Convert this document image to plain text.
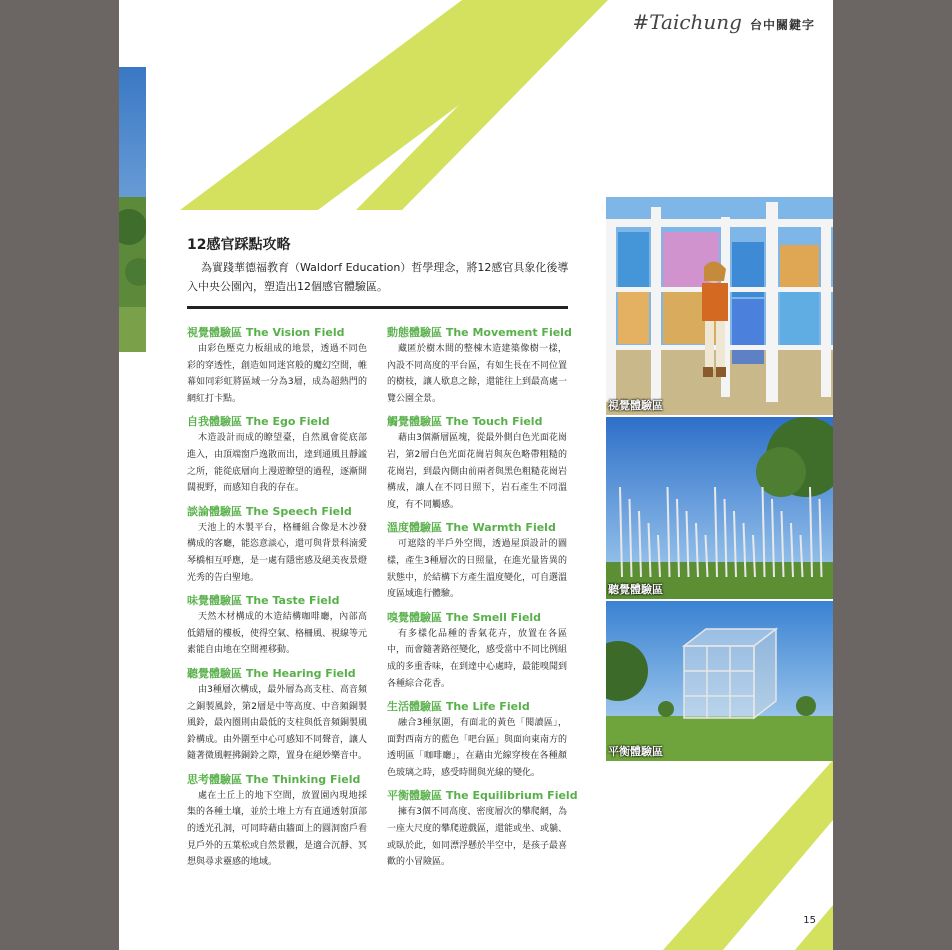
#Taichung 台中關鍵字
12感官踩點攻略

為實踐華德福教育（Waldorf Education）哲學理念，將12感官具象化後導入中央公園內，塑造出12個感官體驗區。

視覺體驗區 The Vision Field

由彩色壓克力板組成的地景，透過不同色彩的穿透性，創造如同迷宮般的魔幻空間，帷幕如同彩虹將區域一分為3層，成為超熱門的網紅打卡點。

自我體驗區 The Ego Field

木造設計而成的瞭望臺，自然風會從底部進入，由頂端窗戶逸散而出，達到通風且靜謐之所，能從底層向上漫遊瞭望的過程，逐漸開闊視野，而感知自我的存在。

談論體驗區 The Speech Field

天池上的木製平台，格柵組合像是木沙發構成的客廳，能恣意談心，還可與背景科湳愛琴橋相互呼應，是一處有隱密感及絕美夜景燈光秀的告白聖地。

味覺體驗區 The Taste Field

天然木材構成的木造結構咖啡廳，內部高低錯層的樓板，使得空氣、格柵風、視線等元素能自由地在空間裡移動。

聽覺體驗區 The Hearing Field

由3種層次構成，最外層為高支柱、高音頻之銅製風鈴，第2層是中等高度、中音頻銅製風鈴，最內圈則由最低的支柱與低音頻銅製風鈴構成。由外圍至中心可感知不同聲音，讓人隨著微風輕拂銅鈴之際，置身在絕妙樂音中。

思考體驗區 The Thinking Field

處在土丘上的地下空間，放置園內現地採集的各種土壤，並於土堆上方有直通透射頂部的透光孔洞，可同時藉由牆面上的圓洞窗戶看見戶外的五葉松或自然景觀，是適合沉靜、冥想與尋求靈感的地域。

動態體驗區 The Movement Field

藏匿於樹木間的整棟木造建築像樹一樣，內設不同高度的平台區，有如生長在不同位置的樹枝，讓人歇息之餘，還能往上到最高處一覽公園全景。

觸覺體驗區 The Touch Field

藉由3個漸層區塊，從最外側白色光面花崗岩，第2層白色光面花崗岩與灰色略帶粗糙的花崗岩，到最內側由前兩者與黑色粗糙花崗岩構成，讓人在不同日照下，岩石產生不同溫度，有不同觸感。

溫度體驗區 The Warmth Field

可遮陰的半戶外空間，透過屋頂設計的圖樣，產生3種層次的日照量，在進光量皆異的狀態中，於結構下方產生溫度變化，可自選溫度區域進行體驗。

嗅覺體驗區 The Smell Field

有多樣化品種的香氣花卉，放置在各區中，而會隨著路徑變化，感受當中不同比例組成的多重香味，在到達中心處時，最能嗅聞到各種綜合花香。

生活體驗區 The Life Field

融合3種氛圍，有面北的黃色「閱讀區」，面對西南方的藍色「吧台區」與面向東南方的透明區「咖啡廳」，在藉由光線穿梭在各種顏色玻璃之時，感受時間與光線的變化。

平衡體驗區 The Equilibrium Field

擁有3個不同高度、密度層次的攀爬網，為一座大尺度的攀爬遊戲區，還能或坐、或躺、或臥於此，如同漂浮懸於半空中，是孩子最喜歡的小冒險區。

視覺體驗區
聽覺體驗區
平衡體驗區
15
